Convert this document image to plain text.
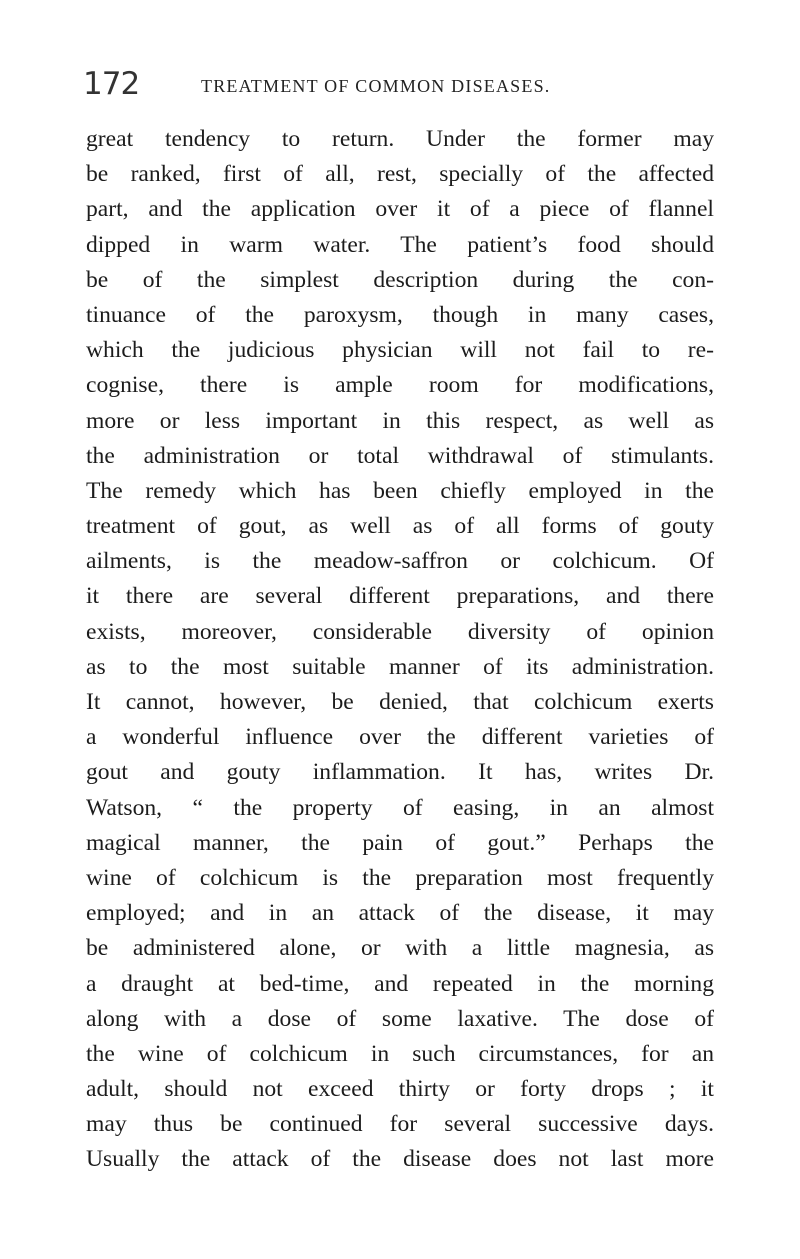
172	TREATMENT OF COMMON DISEASES.
great tendency to return. Under the former may
be ranked, first of all, rest, specially of the affected
part, and the application over it of a piece of flannel
dipped in warm water. The patient’s food should
be of the simplest description during the con-
tinuance of the paroxysm, though in many cases,
which the judicious physician will not fail to re-
cognise, there is ample room for modifications,
more or less important in this respect, as well as
the administration or total withdrawal of stimulants.
The remedy which has been chiefly employed in the
treatment of gout, as well as of all forms of gouty
ailments, is the meadow-saffron or colchicum. Of
it there are several different preparations, and there
exists, moreover, considerable diversity of opinion
as to the most suitable manner of its administration.
It cannot, however, be denied, that colchicum exerts
a wonderful influence over the different varieties of
gout and gouty inflammation. It has, writes Dr.
Watson, “ the property of easing, in an almost
magical manner, the pain of gout.” Perhaps the
wine of colchicum is the preparation most frequently
employed; and in an attack of the disease, it may
be administered alone, or with a little magnesia, as
a draught at bed-time, and repeated in the morning
along with a dose of some laxative. The dose of
the wine of colchicum in such circumstances, for an
adult, should not exceed thirty or forty drops ; it
may thus be continued for several successive days.
Usually the attack of the disease does not last more
